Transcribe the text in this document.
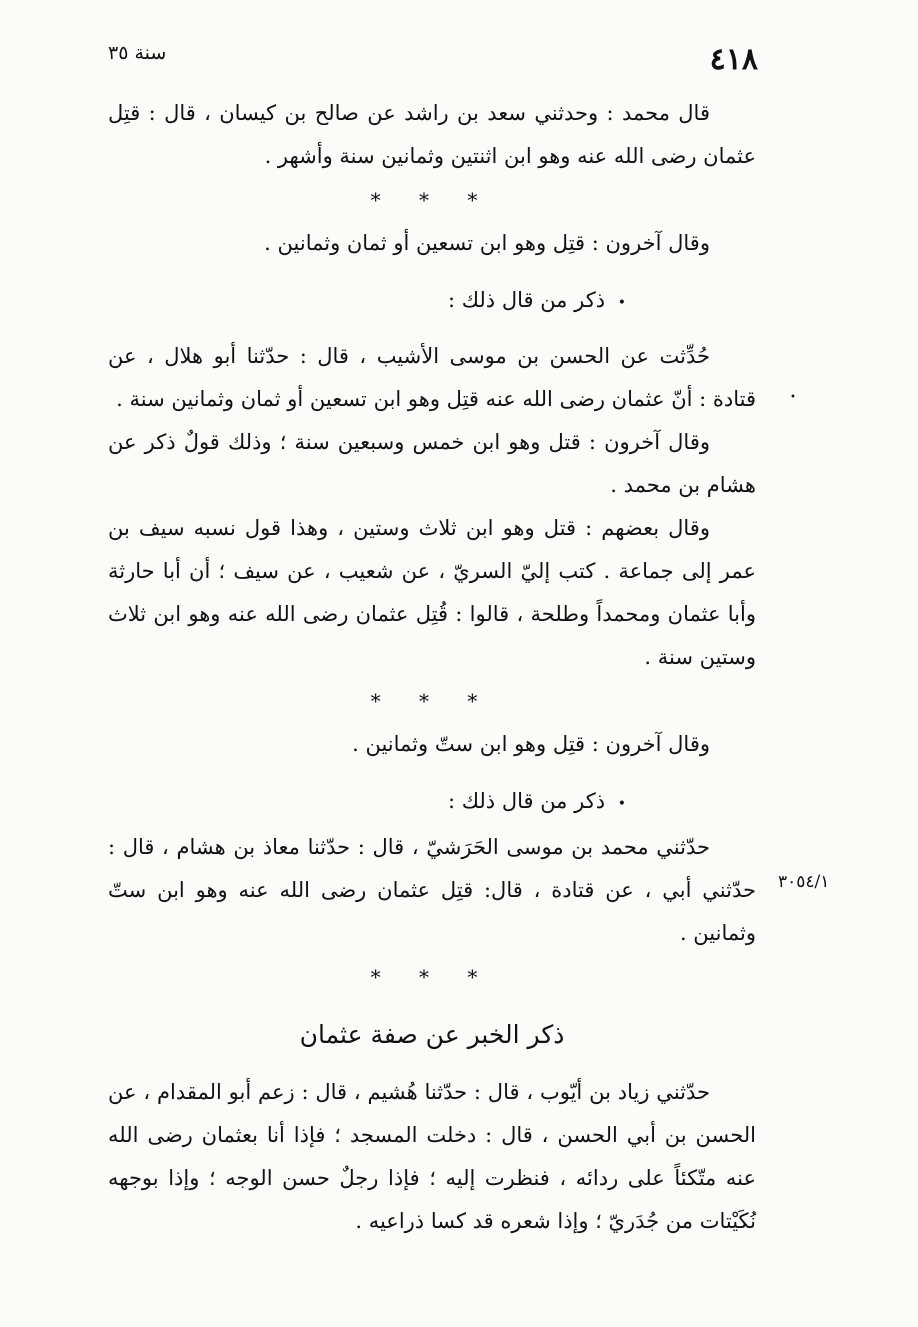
٤١٨
سنة ٣٥

قال محمد : وحدثني سعد بن راشد عن صالح بن كيسان ، قال : قتِل عثمان رضى الله عنه وهو ابن اثنتين وثمانين سنة وأشهر .

* * *

وقال آخرون : قتِل وهو ابن تسعين أو ثمان وثمانين .

• ذكر من قال ذلك :

حُدِّثت عن الحسن بن موسى الأشيب ، قال : حدّثنا أبو هلال ، عن قتادة : أنّ عثمان رضى الله عنه قتِل وهو ابن تسعين أو ثمان وثمانين سنة .

وقال آخرون : قتل وهو ابن خمس وسبعين سنة ؛ وذلك قولٌ ذكر عن هشام بن محمد .

وقال بعضهم : قتل وهو ابن ثلاث وستين ، وهذا قول نسبه سيف بن عمر إلى جماعة . كتب إليّ السريّ ، عن شعيب ، عن سيف ؛ أن أبا حارثة وأبا عثمان ومحمداً وطلحة ، قالوا : قُتِل عثمان رضى الله عنه وهو ابن ثلاث وستين سنة .

* * *

وقال آخرون : قتِل وهو ابن ستّ وثمانين .

• ذكر من قال ذلك :

حدّثني محمد بن موسى الحَرَشيّ ، قال : حدّثنا معاذ بن هشام ، قال : حدّثني أبي ، عن قتادة ، قال: قتِل عثمان رضى الله عنه وهو ابن ستّ وثمانين .

* * *
ذكر الخبر عن صفة عثمان

حدّثني زياد بن أيّوب ، قال : حدّثنا هُشيم ، قال : زعم أبو المقدام ، عن الحسن بن أبي الحسن ، قال : دخلت المسجد ؛ فإذا أنا بعثمان رضى الله عنه متّكئاً على ردائه ، فنظرت إليه ؛ فإذا رجلٌ حسن الوجه ؛ وإذا بوجهه نُكَيْتات من جُدَريّ ؛ وإذا شعره قد كسا ذراعيه .

•
٣٠٥٤/١
